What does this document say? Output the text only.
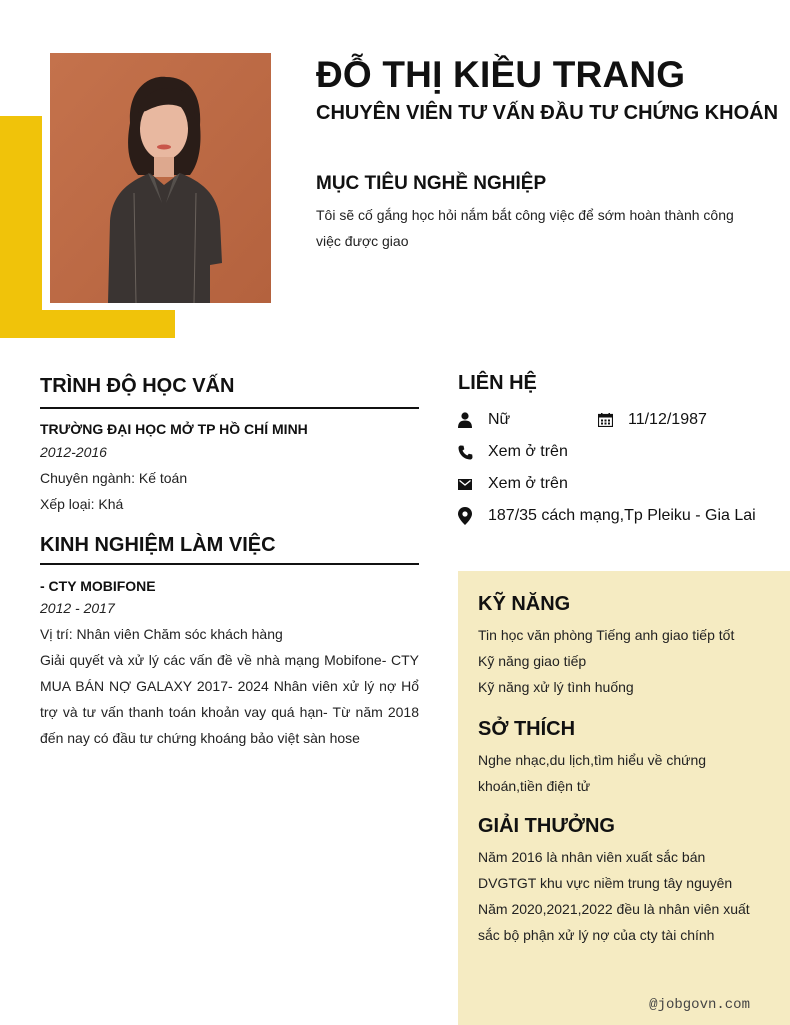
ĐỖ THỊ KIỀU TRANG
CHUYÊN VIÊN TƯ VẤN ĐẦU TƯ CHỨNG KHOÁN
MỤC TIÊU NGHỀ NGHIỆP
Tôi sẽ cố gắng học hỏi nắm bắt công việc để sớm hoàn thành công việc được giao
TRÌNH ĐỘ HỌC VẤN
TRƯỜNG ĐẠI HỌC MỞ TP HỒ CHÍ MINH
2012-2016
Chuyên ngành: Kế toán
Xếp loại: Khá
KINH NGHIỆM LÀM VIỆC
- CTY MOBIFONE
2012 - 2017
Vị trí: Nhân viên Chăm sóc khách hàng
Giải quyết và xử lý các vấn đề về nhà mạng Mobifone- CTY MUA BÁN NỢ GALAXY 2017- 2024 Nhân viên xử lý nợ Hổ trợ và tư vấn thanh toán khoản vay quá hạn- Từ năm 2018 đến nay có đầu tư chứng khoáng bảo việt sàn hose
LIÊN HỆ
Nữ	11/12/1987
Xem ở trên
Xem ở trên
187/35 cách mạng,Tp Pleiku - Gia Lai
KỸ NĂNG
Tin học văn phòng Tiếng anh giao tiếp tốt
Kỹ năng giao tiếp
Kỹ năng xử lý tình huống
SỞ THÍCH
Nghe nhạc,du lịch,tìm hiểu về chứng khoán,tiền điện tử
GIẢI THƯỞNG
Năm 2016 là nhân viên xuất sắc bán DVGTGT khu vực niềm trung tây nguyên Năm 2020,2021,2022 đều là nhân viên xuất sắc bộ phận xử lý nợ của cty tài chính
@jobgovn.com
